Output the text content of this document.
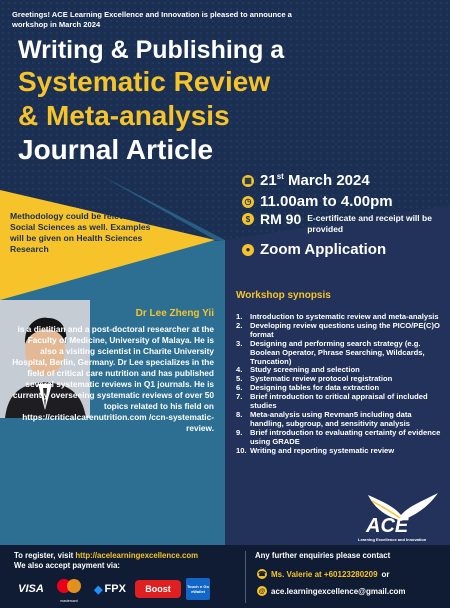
Greetings! ACE Learning Excellence and Innovation is pleased to announce a workshop in March 2024
Writing & Publishing a
Systematic Review
& Meta-analysis
Journal Article
▦ 21st March 2024
◷ 11.00am to 4.00pm
$ RM 90 E-certificate and receipt will be provided
● Zoom Application
Methodology could be relevant to Social Sciences as well. Examples will be given on Health Sciences Research
Workshop synopsis
1.	Introduction to systematic review and meta-analysis
2.	Developing review questions using the PICO/PE(C)O format
3.	Designing and performing search strategy (e.g. Boolean Operator, Phrase Searching, Wildcards, Truncation)
4.	Study screening and selection
5.	Systematic review protocol registration
6.	Designing tables for data extraction
7.	Brief introduction to critical appraisal of included studies
8.	Meta-analysis using Revman5 including data handling, subgroup, and sensitivity analysis
9.	Brief introduction to evaluating certainty of evidence using GRADE
10. Writing and reporting systematic review
Dr Lee Zheng Yii
is a dietitian and a post-doctoral researcher at the Faculty of Medicine, University of Malaya. He is also a visiting scientist in Charite University Hospital, Berlin, Germany. Dr Lee specializes in the field of critical care nutrition and has published several systematic reviews in Q1 journals. He is currently overseeing systematic reviews of over 50 topics related to his field on https://criticalcarenutrition.com /ccn-systematic-review.
ACE
Learning Excellence and Innovation
To register, visit http://acelearningexcellence.com
We also accept payment via:
VISA
mastercard
◆ FPX	Boost	Touch n Go eWallet
Any further enquiries please contact
☎ Ms. Valerie at +60123280209 or
@ ace.learningexcellence@gmail.com
